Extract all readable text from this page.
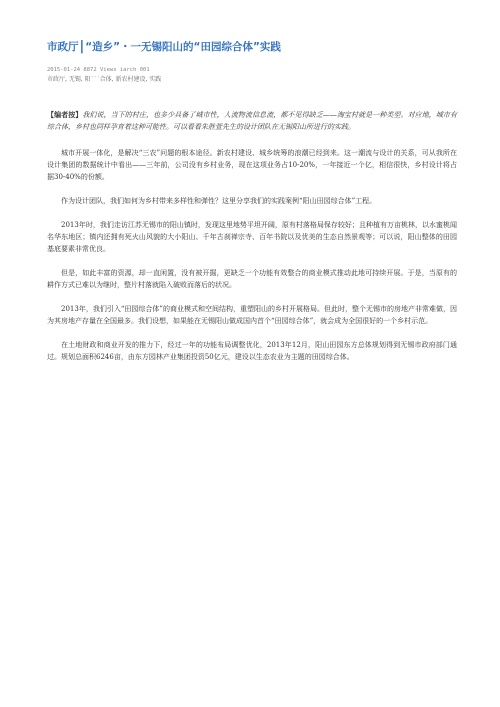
市政厅|“造乡”・一无锡阳山的“田园综合体”实践
2015-01-24 8872 Views iarch 001
市政厅, 无锡, 阳˙˙˙合体, 新农村建设, 实践
【编者按】我们说，当下的村庄，也多少具备了城市性，人流物流信息流，都不见得缺乏——淘宝村就是一种类型。对应地，城市有综合体，乡村也同样孕育着这种可能性。可以看看朱胜萱先生的设计团队在无锡阳山所进行的实践。

城市开展一体化，是解决“三农”问题的根本途径。新农村建设、城乡统筹的浪潮已经到来。这一潮流与设计的关系，可从我所在设计集团的数据统计中看出——三年前，公司没有乡村业务，现在这项业务占10-20%，一年接近一个亿，相信很快，乡村设计将占据30-40%的份额。

作为设计团队，我们如何为乡村带来多样性和弹性？这里分享我们的实践案例“阳山田园综合体”工程。

2013年时，我们走访江苏无锡市的阳山镇时，发现这里地势平坦开阔，原有村落格局保存较好；且种植有万亩桃林，以水蜜桃闻名华东地区；镇内还拥有死火山风貌的大小阳山、千年古刹禅宗寺、百年书院以及优美的生态自然景观等；可以说，阳山整体的田园基底要素非常优良。

但是，如此丰富的资源，却一直闲置，没有被开掘，更缺乏一个功能有效整合的商业模式推动此地可持续开展。于是，当原有的耕作方式已难以为继时，整片村落就陷入破败而落后的状况。

2013年，我们引入“田园综合体”的商业模式和空间结构，重塑阳山的乡村开展格局。但此时，整个无锡市的房地产非常难做，因为其房地产存量在全国最多。我们设想，如果能在无锡阳山做成国内首个“田园综合体”，就会成为全国很好的一个乡村示范。

在土地财政和商业开发的推力下，经过一年的功能布局调整优化，2013年12月，阳山田园东方总体规划得到无锡市政府部门通过。规划总面积6246亩，由东方园林产业集团投资50亿元，建设以生态农业为主题的田园综合体。
